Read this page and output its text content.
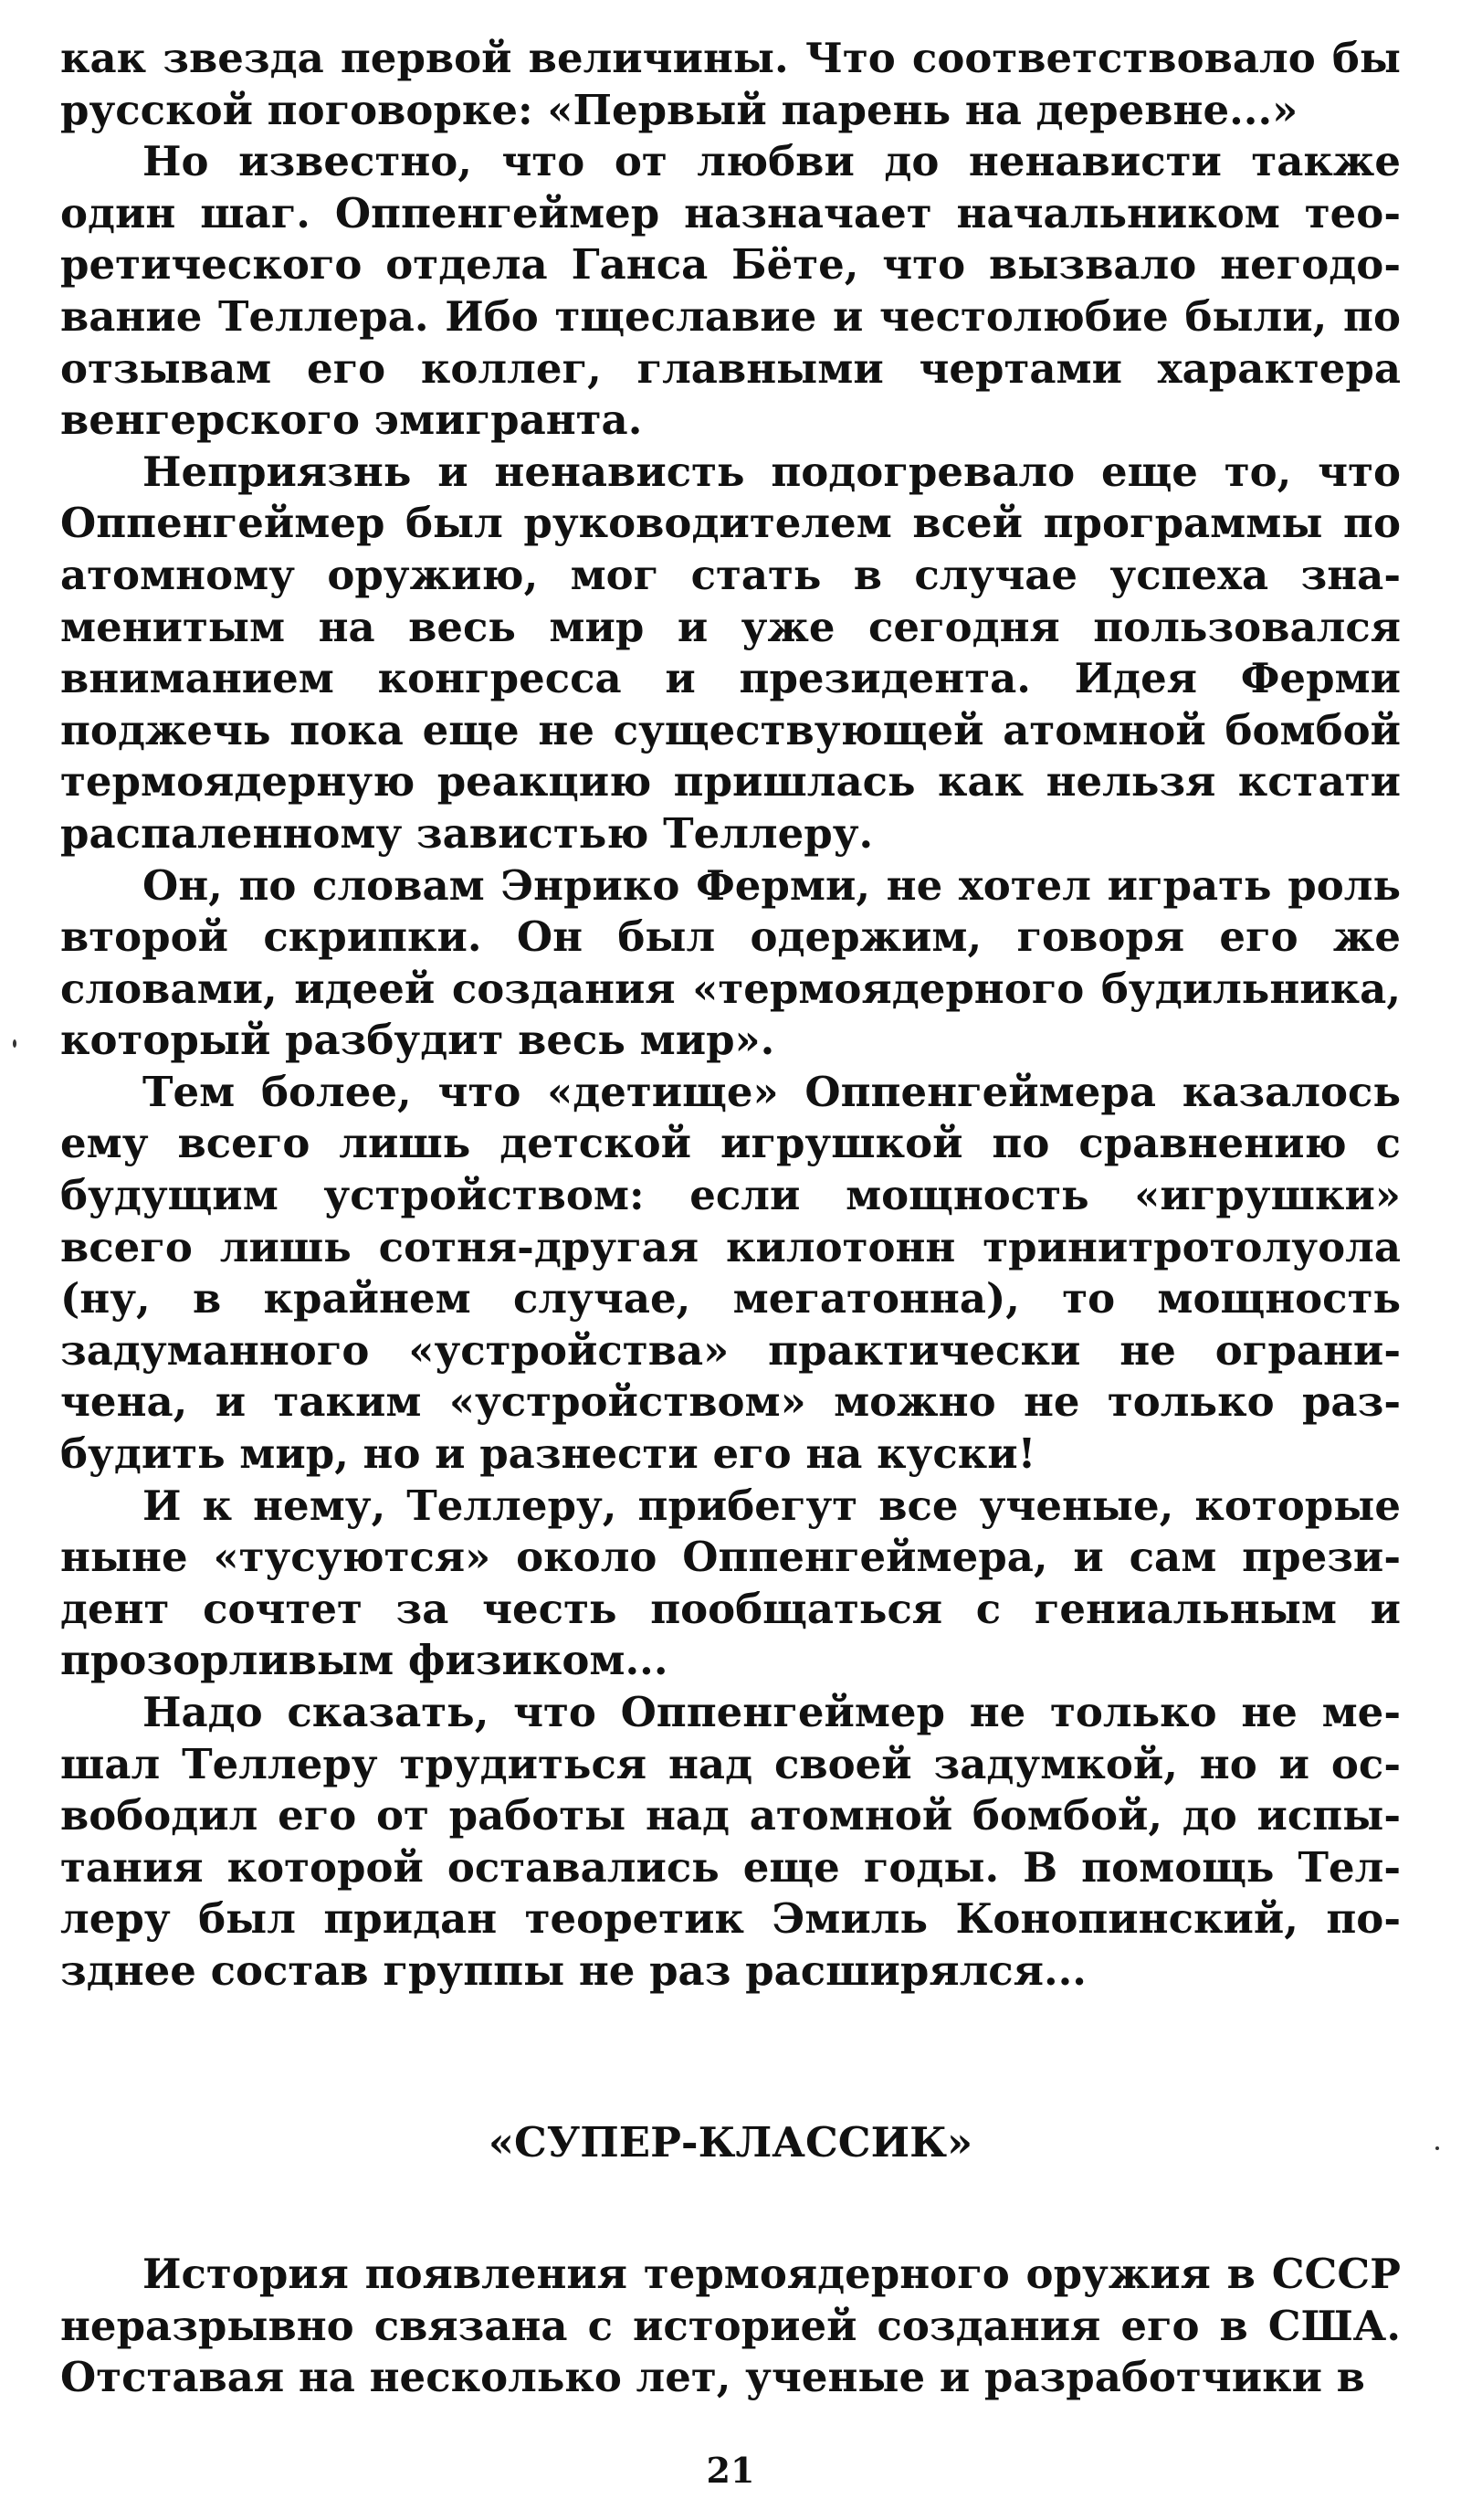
как звезда первой величины. Что соответствовало бы русской поговорке: «Первый парень на деревне...»

Но известно, что от любви до ненависти также один шаг. Оппенгеймер назначает начальником теоретического отдела Ганса Бёте, что вызвало негодование Теллера. Ибо тщеславие и честолюбие были, по отзывам его коллег, главными чертами характера венгерского эмигранта.

Неприязнь и ненависть подогревало еще то, что Оппенгеймер был руководителем всей программы по атомному оружию, мог стать в случае успеха знаменитым на весь мир и уже сегодня пользовался вниманием конгресса и президента. Идея Ферми поджечь пока еще не существующей атомной бомбой термоядерную реакцию пришлась как нельзя кстати распаленному завистью Теллеру.

Он, по словам Энрико Ферми, не хотел играть роль второй скрипки. Он был одержим, говоря его же словами, идеей создания «термоядерного будильника, который разбудит весь мир».

Тем более, что «детище» Оппенгеймера казалось ему всего лишь детской игрушкой по сравнению с будущим устройством: если мощность «игрушки» всего лишь сотня-другая килотонн тринитротолуола (ну, в крайнем случае, мегатонна), то мощность задуманного «устройства» практически не ограничена, и таким «устройством» можно не только разбудить мир, но и разнести его на куски!

И к нему, Теллеру, прибегут все ученые, которые ныне «тусуются» около Оппенгеймера, и сам президент сочтет за честь пообщаться с гениальным и прозорливым физиком...

Надо сказать, что Оппенгеймер не только не мешал Теллеру трудиться над своей задумкой, но и освободил его от работы над атомной бомбой, до испытания которой оставались еще годы. В помощь Теллеру был придан теоретик Эмиль Конопинский, позднее состав группы не раз расширялся...

«СУПЕР-КЛАССИК»

История появления термоядерного оружия в СССР неразрывно связана с историей создания его в США. Отставая на несколько лет, ученые и разработчики в

21
